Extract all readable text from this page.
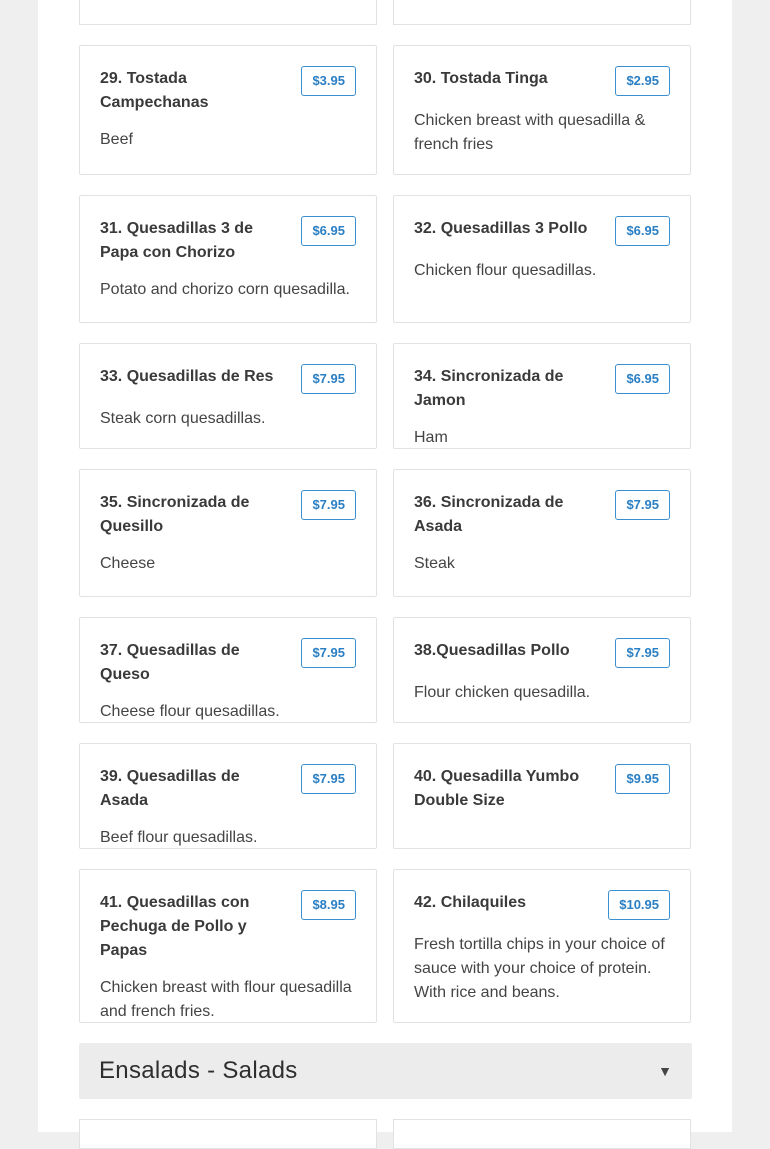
29. Tostada Campechanas
$3.95
Beef
30. Tostada Tinga	$2.95
Chicken breast with quesadilla & french fries
31. Quesadillas 3 de Papa con Chorizo
$6.95
Potato and chorizo corn quesadilla.
32. Quesadillas 3 Pollo	$6.95
Chicken flour quesadillas.
33. Quesadillas de Res	$7.95
Steak corn quesadillas.
34. Sincronizada de Jamon
$6.95
Ham
35. Sincronizada de Quesillo
$7.95
Cheese
36. Sincronizada de Asada
$7.95
Steak
37. Quesadillas de Queso
$7.95
Cheese flour quesadillas.
38.Quesadillas Pollo	$7.95
Flour chicken quesadilla.
39. Quesadillas de Asada
$7.95
Beef flour quesadillas.
40. Quesadilla Yumbo Double Size
$9.95
41. Quesadillas con Pechuga de Pollo y Papas
$8.95
Chicken breast with flour quesadilla and french fries.
42. Chilaquiles	$10.95
Fresh tortilla chips in your choice of sauce with your choice of protein. With rice and beans.
Ensalads - Salads	▼
